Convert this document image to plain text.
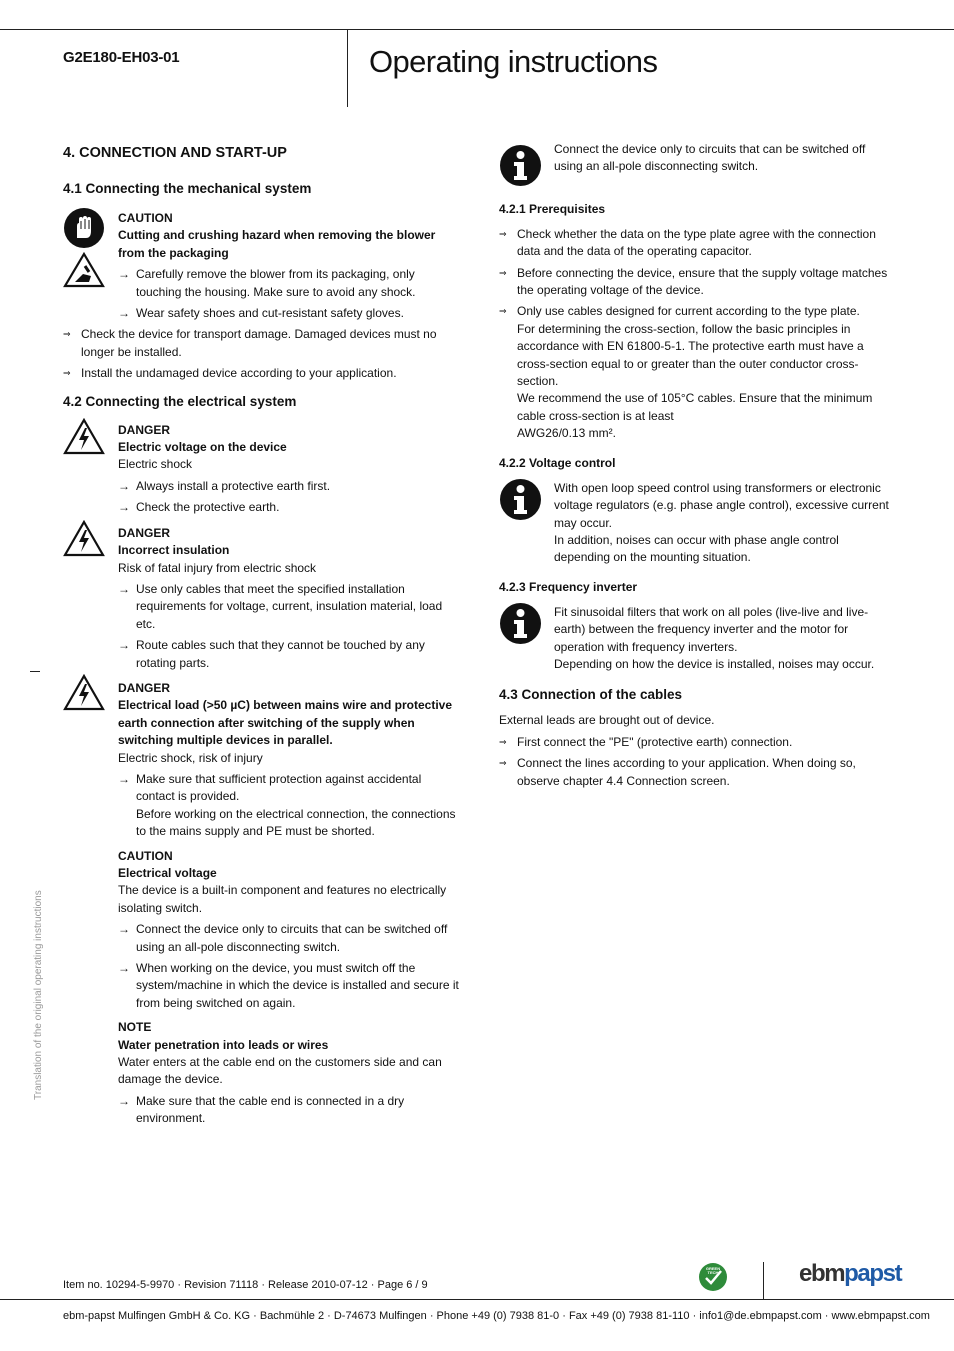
G2E180-EH03-01	Operating instructions
4. CONNECTION AND START-UP
4.1 Connecting the mechanical system
CAUTION
Cutting and crushing hazard when removing the blower from the packaging
→ Carefully remove the blower from its packaging, only touching the housing. Make sure to avoid any shock.
→ Wear safety shoes and cut-resistant safety gloves.
⇒ Check the device for transport damage. Damaged devices must no longer be installed.
⇒ Install the undamaged device according to your application.
4.2 Connecting the electrical system
DANGER
Electric voltage on the device
Electric shock
→ Always install a protective earth first.
→ Check the protective earth.
DANGER
Incorrect insulation
Risk of fatal injury from electric shock
→ Use only cables that meet the specified installation requirements for voltage, current, insulation material, load etc.
→ Route cables such that they cannot be touched by any rotating parts.
DANGER
Electrical load (>50 µC) between mains wire and protective earth connection after switching of the supply when switching multiple devices in parallel.
Electric shock, risk of injury

→ Make sure that sufficient protection against accidental contact is provided.

Before working on the electrical connection, the connections to the mains supply and PE must be shorted.

CAUTION
Electrical voltage
The device is a built-in component and features no electrically isolating switch.
→ Connect the device only to circuits that can be switched off using an all-pole disconnecting switch.
→ When working on the device, you must switch off the system/machine in which the device is installed and secure it from being switched on again.
NOTE
Water penetration into leads or wires
Water enters at the cable end on the customers side and can damage the device.
→ Make sure that the cable end is connected in a dry environment.
Connect the device only to circuits that can be switched off using an all-pole disconnecting switch.
4.2.1 Prerequisites
⇒ Check whether the data on the type plate agree with the connection data and the data of the operating capacitor.
⇒ Before connecting the device, ensure that the supply voltage matches the operating voltage of the device.

⇒ Only use cables designed for current according to the type plate.

For determining the cross-section, follow the basic principles in accordance with EN 61800-5-1. The protective earth must have a cross-section equal to or greater than the outer conductor cross-section.

We recommend the use of 105°C cables. Ensure that the minimum cable cross-section is at least

AWG26/0.13 mm².

4.2.2 Voltage control

With open loop speed control using transformers or electronic voltage regulators (e.g. phase angle control), excessive current may occur.

In addition, noises can occur with phase angle control depending on the mounting situation.

4.2.3 Frequency inverter

Fit sinusoidal filters that work on all poles (live-live and live-earth) between the frequency inverter and the motor for operation with frequency inverters.

Depending on how the device is installed, noises may occur.

4.3 Connection of the cables

External leads are brought out of device.

⇒ First connect the "PE" (protective earth) connection.
⇒ Connect the lines according to your application. When doing so, observe chapter 4.4 Connection screen.
Translation of the original operating instructions
Item no. 10294-5-9970 · Revision 71118 · Release 2010-07-12 · Page 6 / 9
GREEN TECH	ebmpapst
ebm-papst Mulfingen GmbH & Co. KG · Bachmühle 2 · D-74673 Mulfingen · Phone +49 (0) 7938 81-0 · Fax +49 (0) 7938 81-110 · info1@de.ebmpapst.com · www.ebmpapst.com
